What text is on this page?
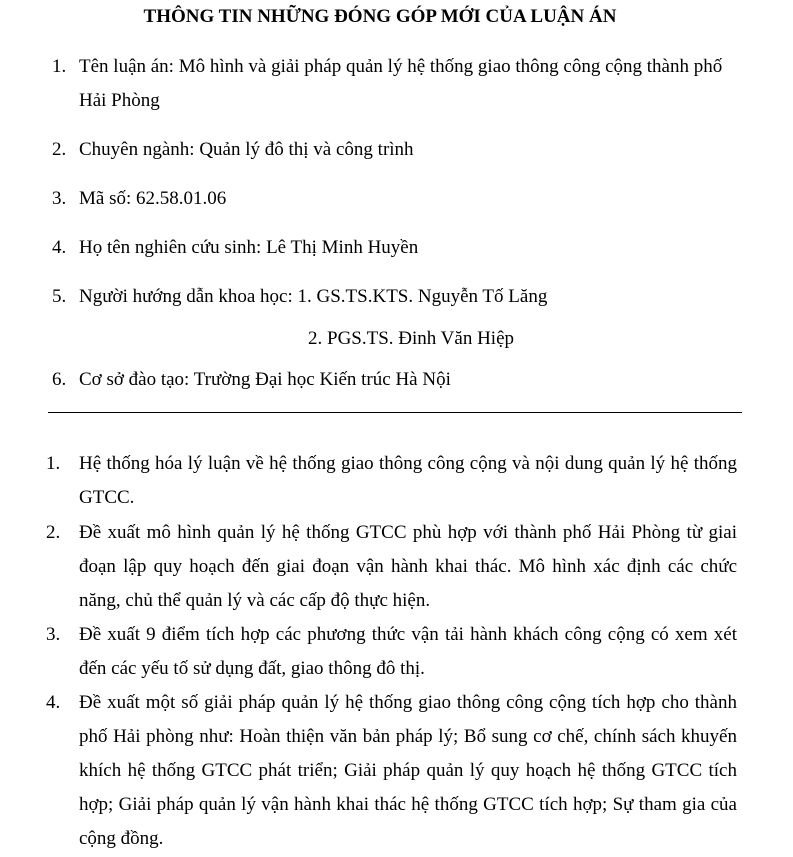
THÔNG TIN NHỮNG ĐÓNG GÓP MỚI CỦA LUẬN ÁN
1. Tên luận án: Mô hình và giải pháp quản lý hệ thống giao thông công cộng thành phố
Hải Phòng
2. Chuyên ngành: Quản lý đô thị và công trình
3. Mã số: 62.58.01.06
4. Họ tên nghiên cứu sinh: Lê Thị Minh Huyền
5. Người hướng dẫn khoa học: 1. GS.TS.KTS. Nguyễn Tố Lăng
6. Cơ sở đào tạo: Trường Đại học Kiến trúc Hà Nội
2. PGS.TS. Đinh Văn Hiệp
1. Hệ thống hóa lý luận về hệ thống giao thông công cộng và nội dung quản lý hệ thống GTCC.
2. Đề xuất mô hình quản lý hệ thống GTCC phù hợp với thành phố Hải Phòng từ giai đoạn lập quy hoạch đến giai đoạn vận hành khai thác. Mô hình xác định các chức năng, chủ thể quản lý và các cấp độ thực hiện.
3. Đề xuất 9 điểm tích hợp các phương thức vận tải hành khách công cộng có xem xét đến các yếu tố sử dụng đất, giao thông đô thị.
4. Đề xuất một số giải pháp quản lý hệ thống giao thông công cộng tích hợp cho thành phố Hải phòng như: Hoàn thiện văn bản pháp lý; Bổ sung cơ chế, chính sách khuyến khích hệ thống GTCC phát triển; Giải pháp quản lý quy hoạch hệ thống GTCC tích hợp; Giải pháp quản lý vận hành khai thác hệ thống GTCC tích hợp; Sự tham gia của cộng đồng.
